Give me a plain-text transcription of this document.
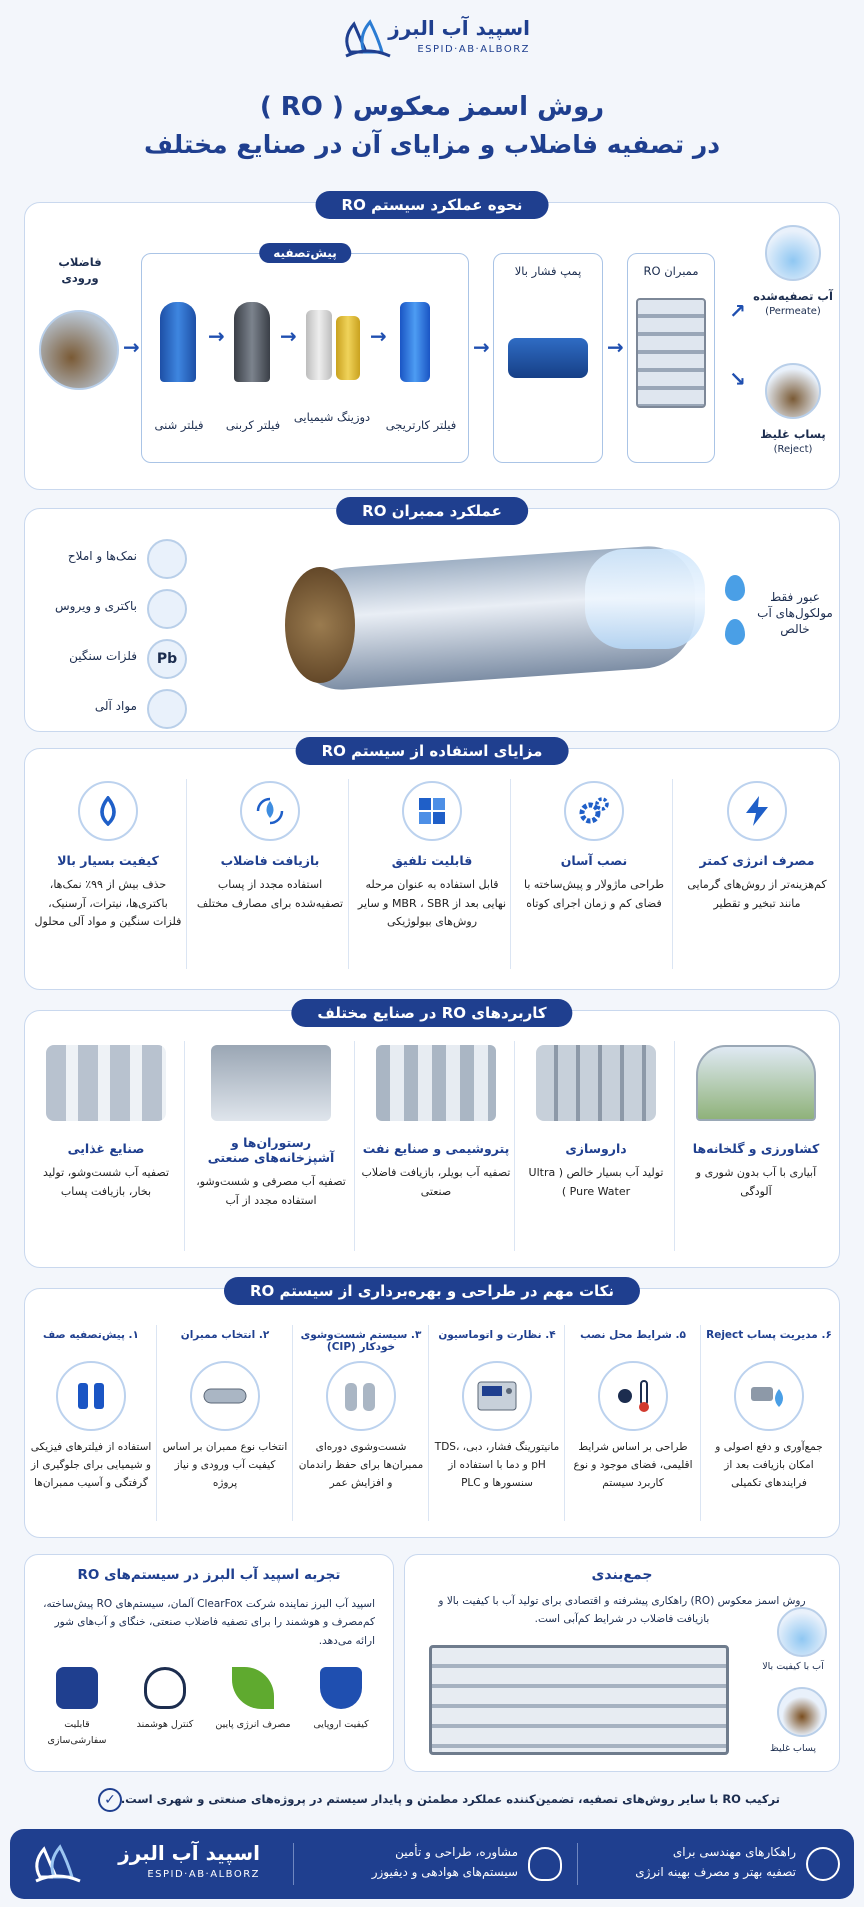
اسپید آب البرز
ESPID·AB·ALBORZ
روش اسمز معکوس ( RO )
در تصفیه فاضلاب و مزایای آن در صنایع مختلف
نحوه عملکرد سیستم RO
فاضلاب ورودی
→
پیش‌تصفیه
→	→	→
فیلتر شنی	فیلتر کربنی
دوزینگ شیمیایی
فیلتر کارتریجی
→
پمپ فشار بالا
→
ممبران RO
↗
↘
آب تصفیه‌شده
(Permeate)
پساب غلیظ
(Reject)
عملکرد ممبران RO
نمک‌ها و املاح
باکتری و ویروس
فلزات سنگین Pb
مواد آلی
عبور فقط مولکول‌های آب خالص
مزایای استفاده از سیستم RO
مصرف انرژی کمتر

کم‌هزینه‌تر از روش‌های گرمایی مانند تبخیر و تقطیر

نصب آسان

طراحی ماژولار و پیش‌ساخته با فضای کم و زمان اجرای کوتاه

قابلیت تلفیق

قابل استفاده به عنوان مرحله نهایی بعد از MBR ، SBR و سایر روش‌های بیولوژیکی

بازیافت فاضلاب

استفاده مجدد از پساب تصفیه‌شده برای مصارف مختلف

کیفیت بسیار بالا

حذف بیش از ۹۹٪ نمک‌ها، باکتری‌ها، نیترات، آرسنیک، فلزات سنگین و مواد آلی محلول

کاربردهای RO در صنایع مختلف
کشاورزی و گلخانه‌ها

آبیاری با آب بدون شوری و آلودگی

داروسازی

تولید آب بسیار خالص ( Ultra Pure Water )

پتروشیمی و صنایع نفت

تصفیه آب بویلر، بازیافت فاضلاب صنعتی

رستوران‌ها و آشپزخانه‌های صنعتی

تصفیه آب مصرفی و شست‌وشو، استفاده مجدد از آب

صنایع غذایی

تصفیه آب شست‌وشو، تولید بخار، بازیافت پساب

نکات مهم در طراحی و بهره‌برداری از سیستم RO
۶. مدیریت پساب Reject

جمع‌آوری و دفع اصولی و امکان بازیافت بعد از فرایندهای تکمیلی

۵. شرایط محل نصب

طراحی بر اساس شرایط اقلیمی، فضای موجود و نوع کاربرد سیستم

۴. نظارت و اتوماسیون

مانیتورینگ فشار، دبی، TDS، pH و دما با استفاده از سنسورها و PLC

۳. سیستم شست‌وشوی خودکار (CIP)

شست‌وشوی دوره‌ای ممبران‌ها برای حفظ راندمان و افزایش عمر

۲. انتخاب ممبران

انتخاب نوع ممبران بر اساس کیفیت آب ورودی و نیاز پروژه

۱. پیش‌تصفیه صف

استفاده از فیلترهای فیزیکی و شیمیایی برای جلوگیری از گرفتگی و آسیب ممبران‌ها

جمع‌بندی
روش اسمز معکوس (RO) راهکاری پیشرفته و اقتصادی برای تولید آب با کیفیت بالا و بازیافت فاضلاب در شرایط کم‌آبی است.
آب با کیفیت بالا
پساب غلیظ
تجربه اسپید آب البرز در سیستم‌های RO
اسپید آب البرز نماینده شرکت ClearFox آلمان، سیستم‌های RO پیش‌ساخته، کم‌مصرف و هوشمند را برای تصفیه فاضلاب صنعتی، خنگای و آب‌های شور ارائه می‌دهد.

قابلیت سفارشی‌سازی

کنترل هوشمند	مصرف انرژی پایین	کیفیت اروپایی

✓ ترکیب RO با سایر روش‌های تصفیه، تضمین‌کننده عملکرد مطمئن و پایدار سیستم در پروژه‌های صنعتی و شهری است.
راهکارهای مهندسی برای
تصفیه بهتر و مصرف بهینه انرژی
مشاوره، طراحی و تأمین
سیستم‌های هوادهی و دیفیوزر
اسپید آب البرز
ESPID·AB·ALBORZ
